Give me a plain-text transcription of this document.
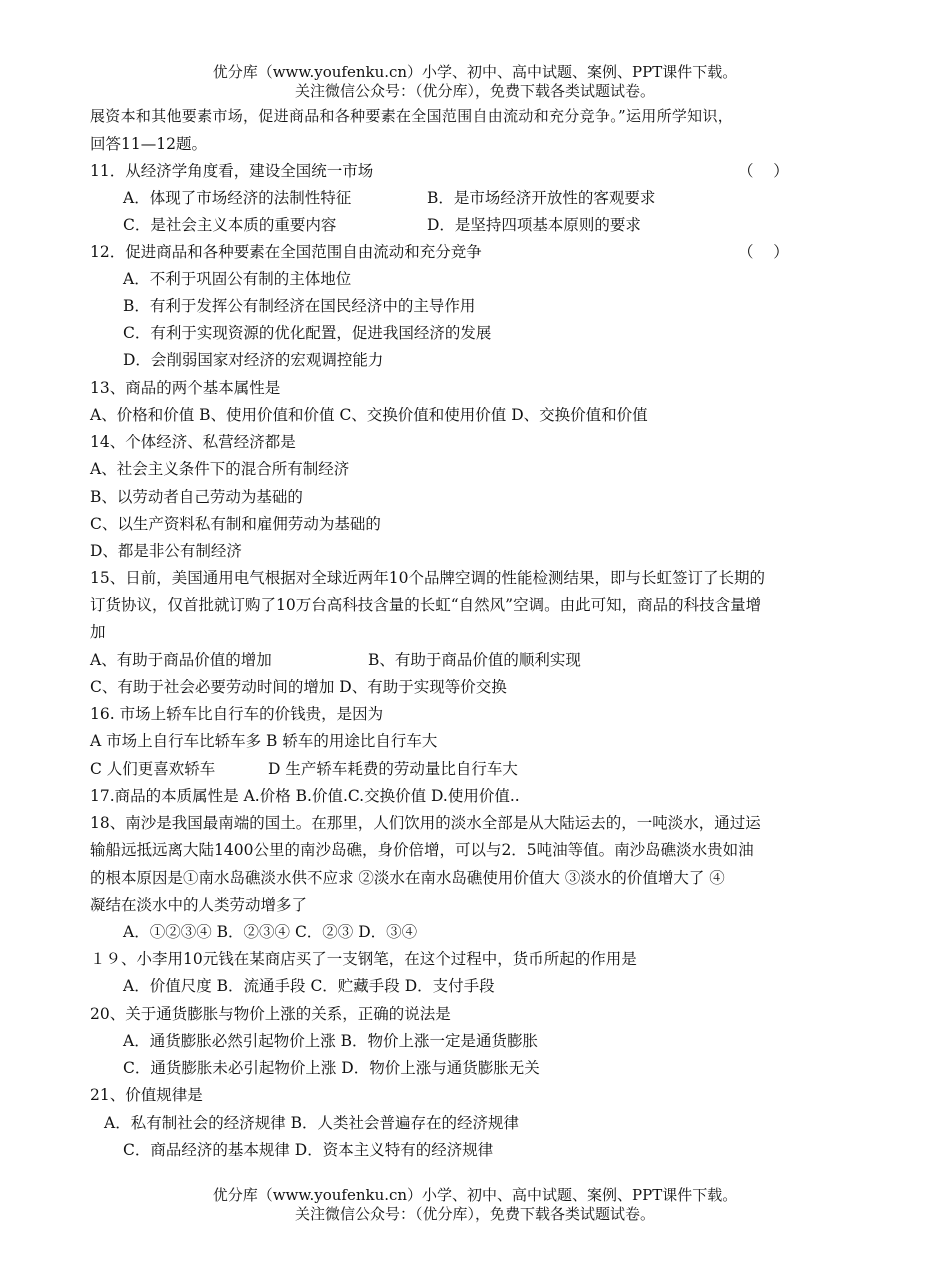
优分库（www.youfenku.cn）小学、初中、高中试题、案例、PPT课件下载。
关注微信公众号：（优分库），免费下载各类试题试卷。
展资本和其他要素市场，促进商品和各种要素在全国范围自由流动和充分竞争。”运用所学知识，
回答11—12题。
11．从经济学角度看，建设全国统一市场	（    ）
A．体现了市场经济的法制性特征	B．是市场经济开放性的客观要求
C．是社会主义本质的重要内容	D．是坚持四项基本原则的要求
12．促进商品和各种要素在全国范围自由流动和充分竞争	（    ）
A．不利于巩固公有制的主体地位
B．有利于发挥公有制经济在国民经济中的主导作用
C．有利于实现资源的优化配置，促进我国经济的发展
D．会削弱国家对经济的宏观调控能力
13、商品的两个基本属性是
A、价格和价值 B、使用价值和价值 C、交换价值和使用价值 D、交换价值和价值
14、个体经济、私营经济都是
A、社会主义条件下的混合所有制经济
B、以劳动者自己劳动为基础的
C、以生产资料私有制和雇佣劳动为基础的
D、都是非公有制经济
15、日前，美国通用电气根据对全球近两年10个品牌空调的性能检测结果，即与长虹签订了长期的
订货协议，仅首批就订购了10万台高科技含量的长虹“自然风”空调。由此可知，商品的科技含量增
加
A、有助于商品价值的增加	B、有助于商品价值的顺利实现
C、有助于社会必要劳动时间的增加 D、有助于实现等价交换
16. 市场上轿车比自行车的价钱贵，是因为
A 市场上自行车比轿车多 B 轿车的用途比自行车大
C 人们更喜欢轿车	D 生产轿车耗费的劳动量比自行车大
17.商品的本质属性是 A.价格 B.价值.C.交换价值 D.使用价值..
18、南沙是我国最南端的国土。在那里，人们饮用的淡水全部是从大陆运去的，一吨淡水，通过运
输船远抵远离大陆1400公里的南沙岛礁，身价倍增，可以与2．5吨油等值。南沙岛礁淡水贵如油
的根本原因是①南水岛礁淡水供不应求 ②淡水在南水岛礁使用价值大 ③淡水的价值增大了 ④
凝结在淡水中的人类劳动增多了
A．①②③④ B．②③④ C．②③ D．③④
１９、小李用10元钱在某商店买了一支钢笔，在这个过程中，货币所起的作用是
A．价值尺度 B．流通手段 C．贮藏手段 D．支付手段
20、关于通货膨胀与物价上涨的关系，正确的说法是
A．通货膨胀必然引起物价上涨 B．物价上涨一定是通货膨胀
C．通货膨胀未必引起物价上涨 D．物价上涨与通货膨胀无关
21、价值规律是
A．私有制社会的经济规律 B．人类社会普遍存在的经济规律
C．商品经济的基本规律 D．资本主义特有的经济规律
优分库（www.youfenku.cn）小学、初中、高中试题、案例、PPT课件下载。
关注微信公众号：（优分库），免费下载各类试题试卷。
